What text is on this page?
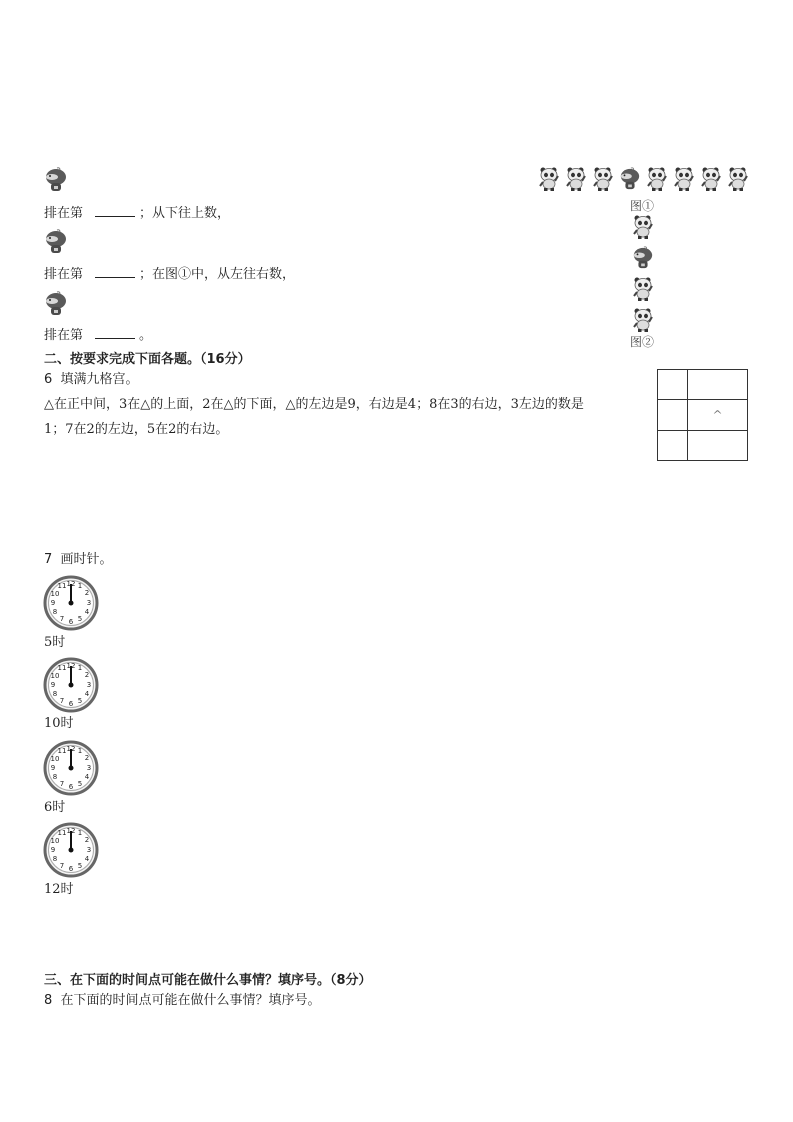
排在第	；从下往上数，
排在第	；在图①中，从左往右数，
排在第	。
图①
图②
二、按要求完成下面各题。（16分）
6 填满九格宫。
△在正中间，3在△的上面，2在△的下面，△的左边是9，右边是4；8在3的右边，3左边的数是
1；7在2的左边，5在2的右边。

	^

7 画时针。
5时
10时
6时
12时
三、在下面的时间点可能在做什么事情？填序号。（8分）
8 在下面的时间点可能在做什么事情？填序号。
